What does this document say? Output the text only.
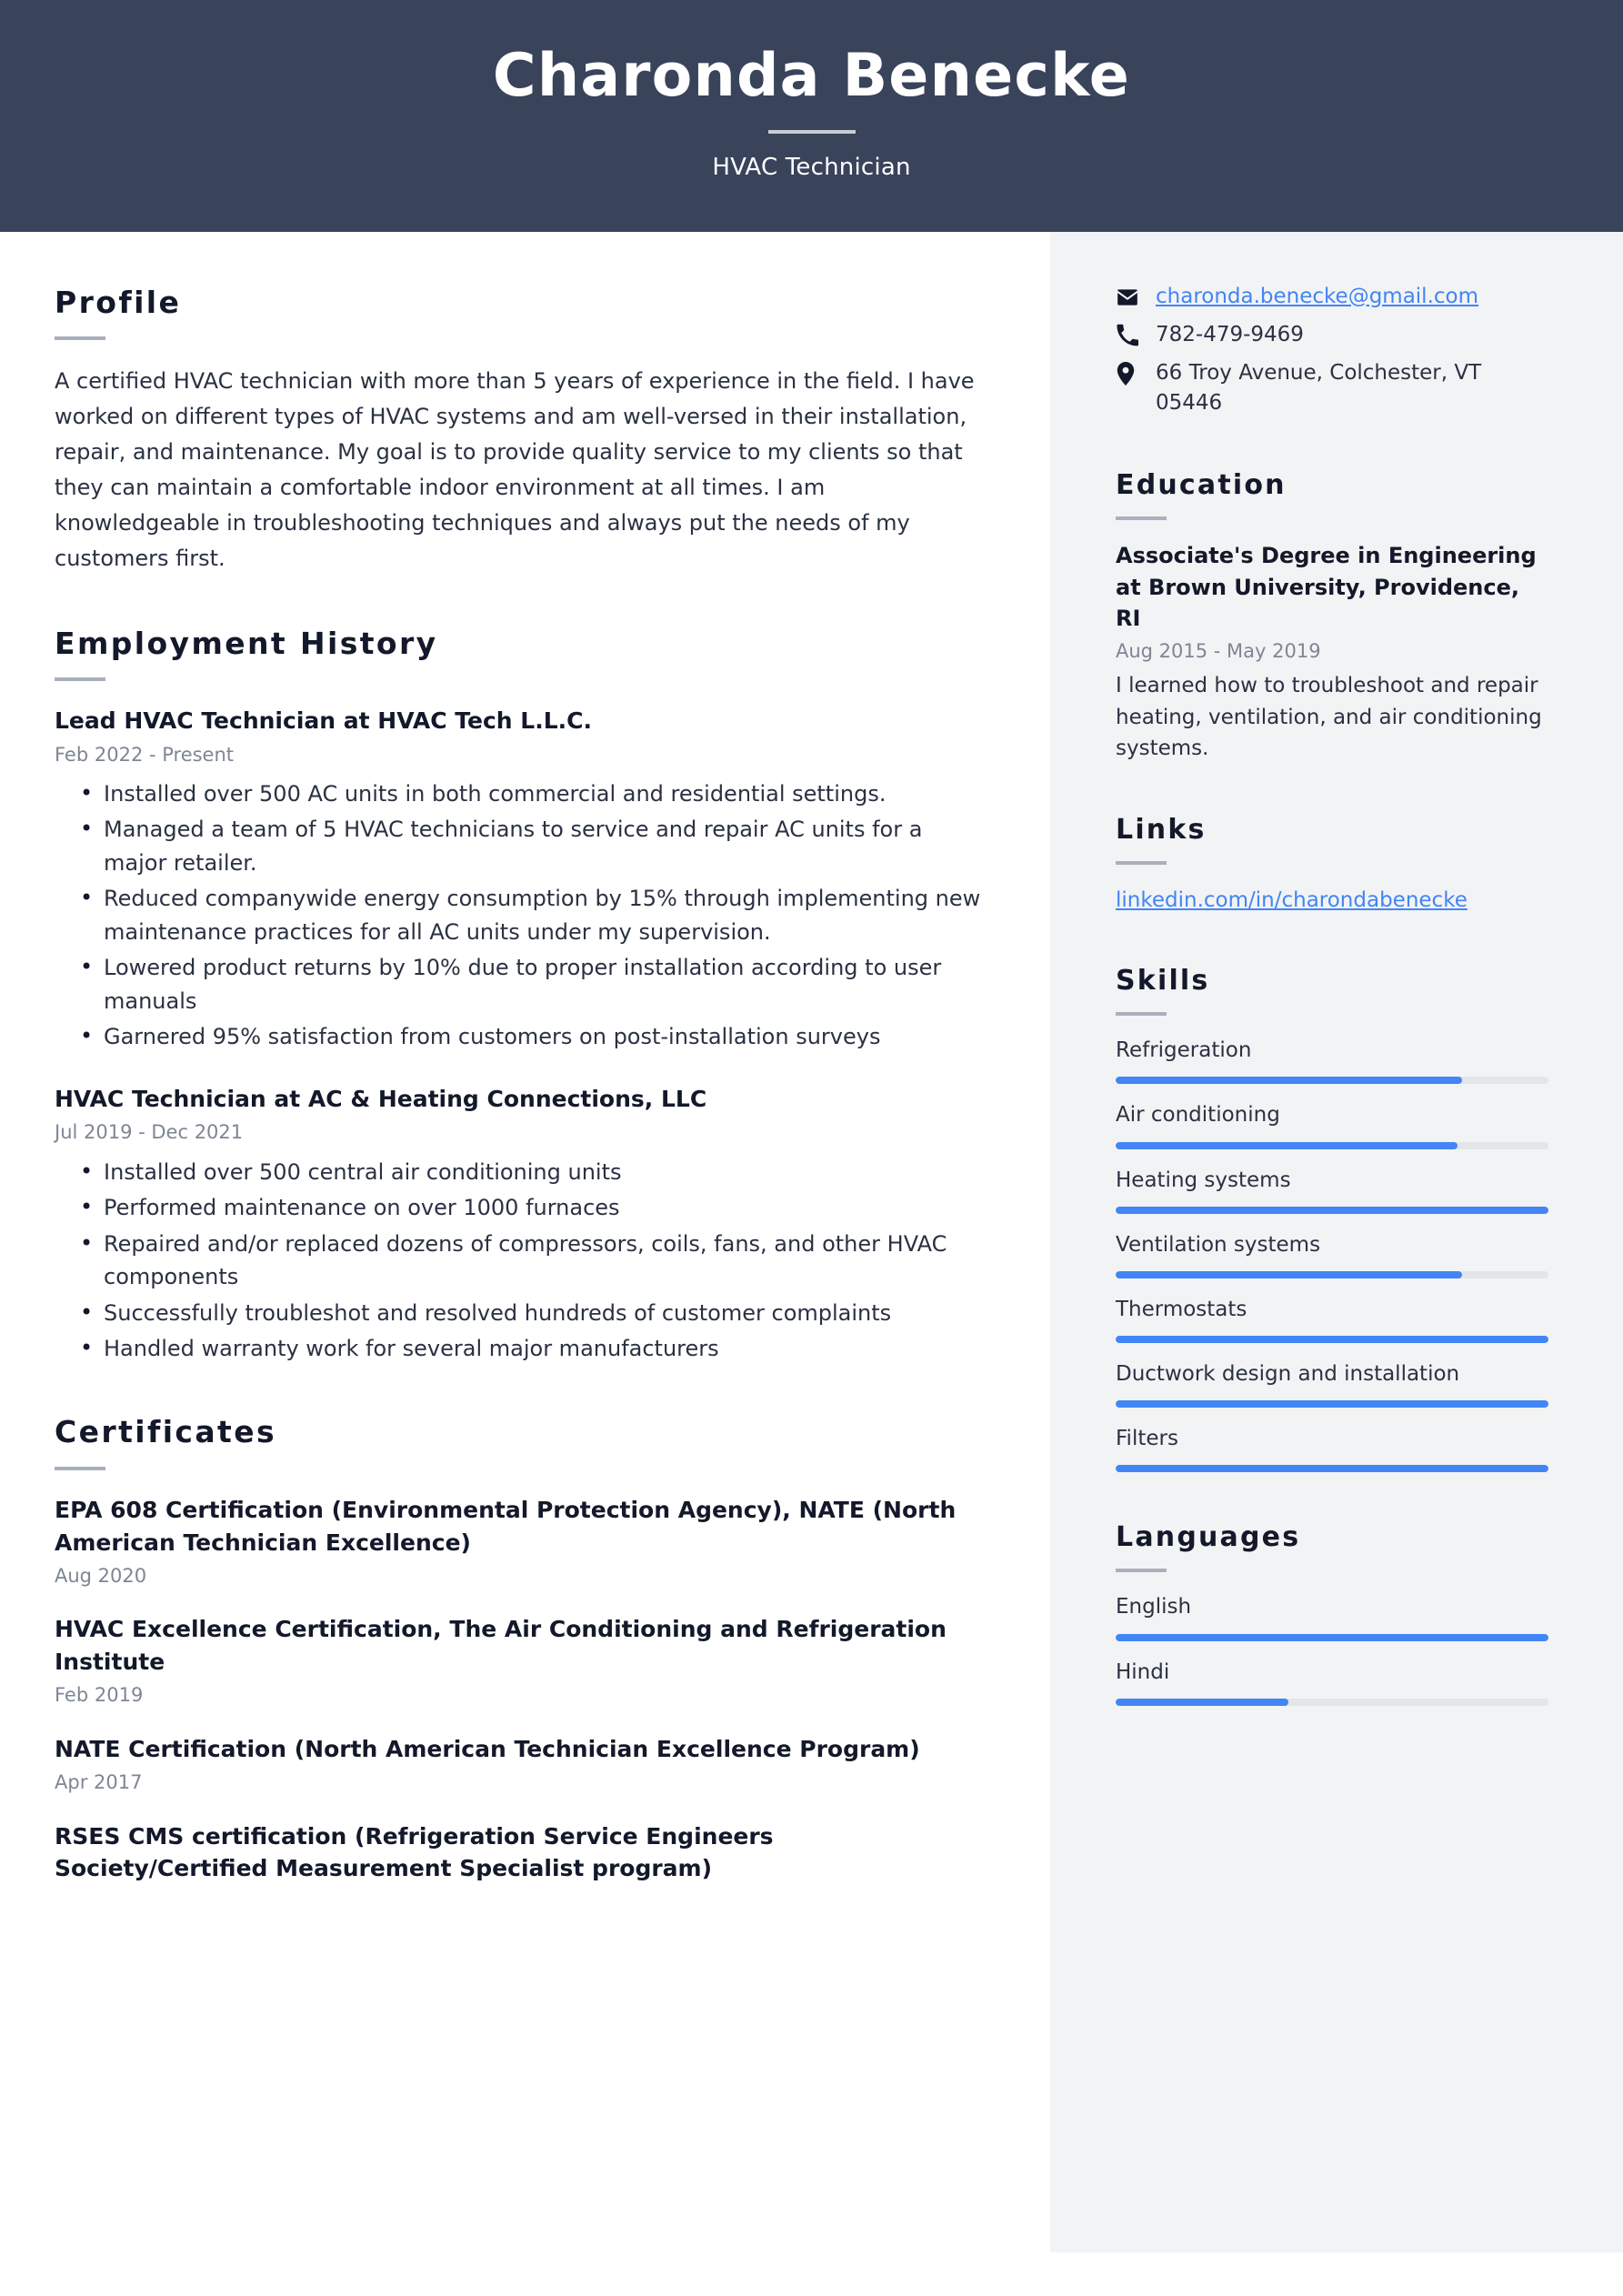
Charonda Benecke
HVAC Technician
Profile
A certified HVAC technician with more than 5 years of experience in the field. I have worked on different types of HVAC systems and am well-versed in their installation, repair, and maintenance. My goal is to provide quality service to my clients so that they can maintain a comfortable indoor environment at all times. I am knowledgeable in troubleshooting techniques and always put the needs of my customers first.
Employment History
Lead HVAC Technician at HVAC Tech L.L.C.
Feb 2022 - Present
• Installed over 500 AC units in both commercial and residential settings.
• Managed a team of 5 HVAC technicians to service and repair AC units for a major retailer.
• Reduced companywide energy consumption by 15% through implementing new maintenance practices for all AC units under my supervision.
• Lowered product returns by 10% due to proper installation according to user manuals
• Garnered 95% satisfaction from customers on post-installation surveys
HVAC Technician at AC & Heating Connections, LLC
Jul 2019 - Dec 2021
• Installed over 500 central air conditioning units
• Performed maintenance on over 1000 furnaces
• Repaired and/or replaced dozens of compressors, coils, fans, and other HVAC components
• Successfully troubleshot and resolved hundreds of customer complaints
• Handled warranty work for several major manufacturers
Certificates
EPA 608 Certification (Environmental Protection Agency), NATE (North American Technician Excellence)
Aug 2020
HVAC Excellence Certification, The Air Conditioning and Refrigeration Institute
Feb 2019
NATE Certification (North American Technician Excellence Program)
Apr 2017
RSES CMS certification (Refrigeration Service Engineers Society/Certified Measurement Specialist program)
charonda.benecke@gmail.com
782-479-9469
66 Troy Avenue, Colchester, VT 05446
Education
Associate's Degree in Engineering at Brown University, Providence, RI
Aug 2015 - May 2019
I learned how to troubleshoot and repair heating, ventilation, and air conditioning systems.
Links
linkedin.com/in/charondabenecke
Skills
Refrigeration
Air conditioning
Heating systems
Ventilation systems
Thermostats
Ductwork design and installation
Filters
Languages
English
Hindi
